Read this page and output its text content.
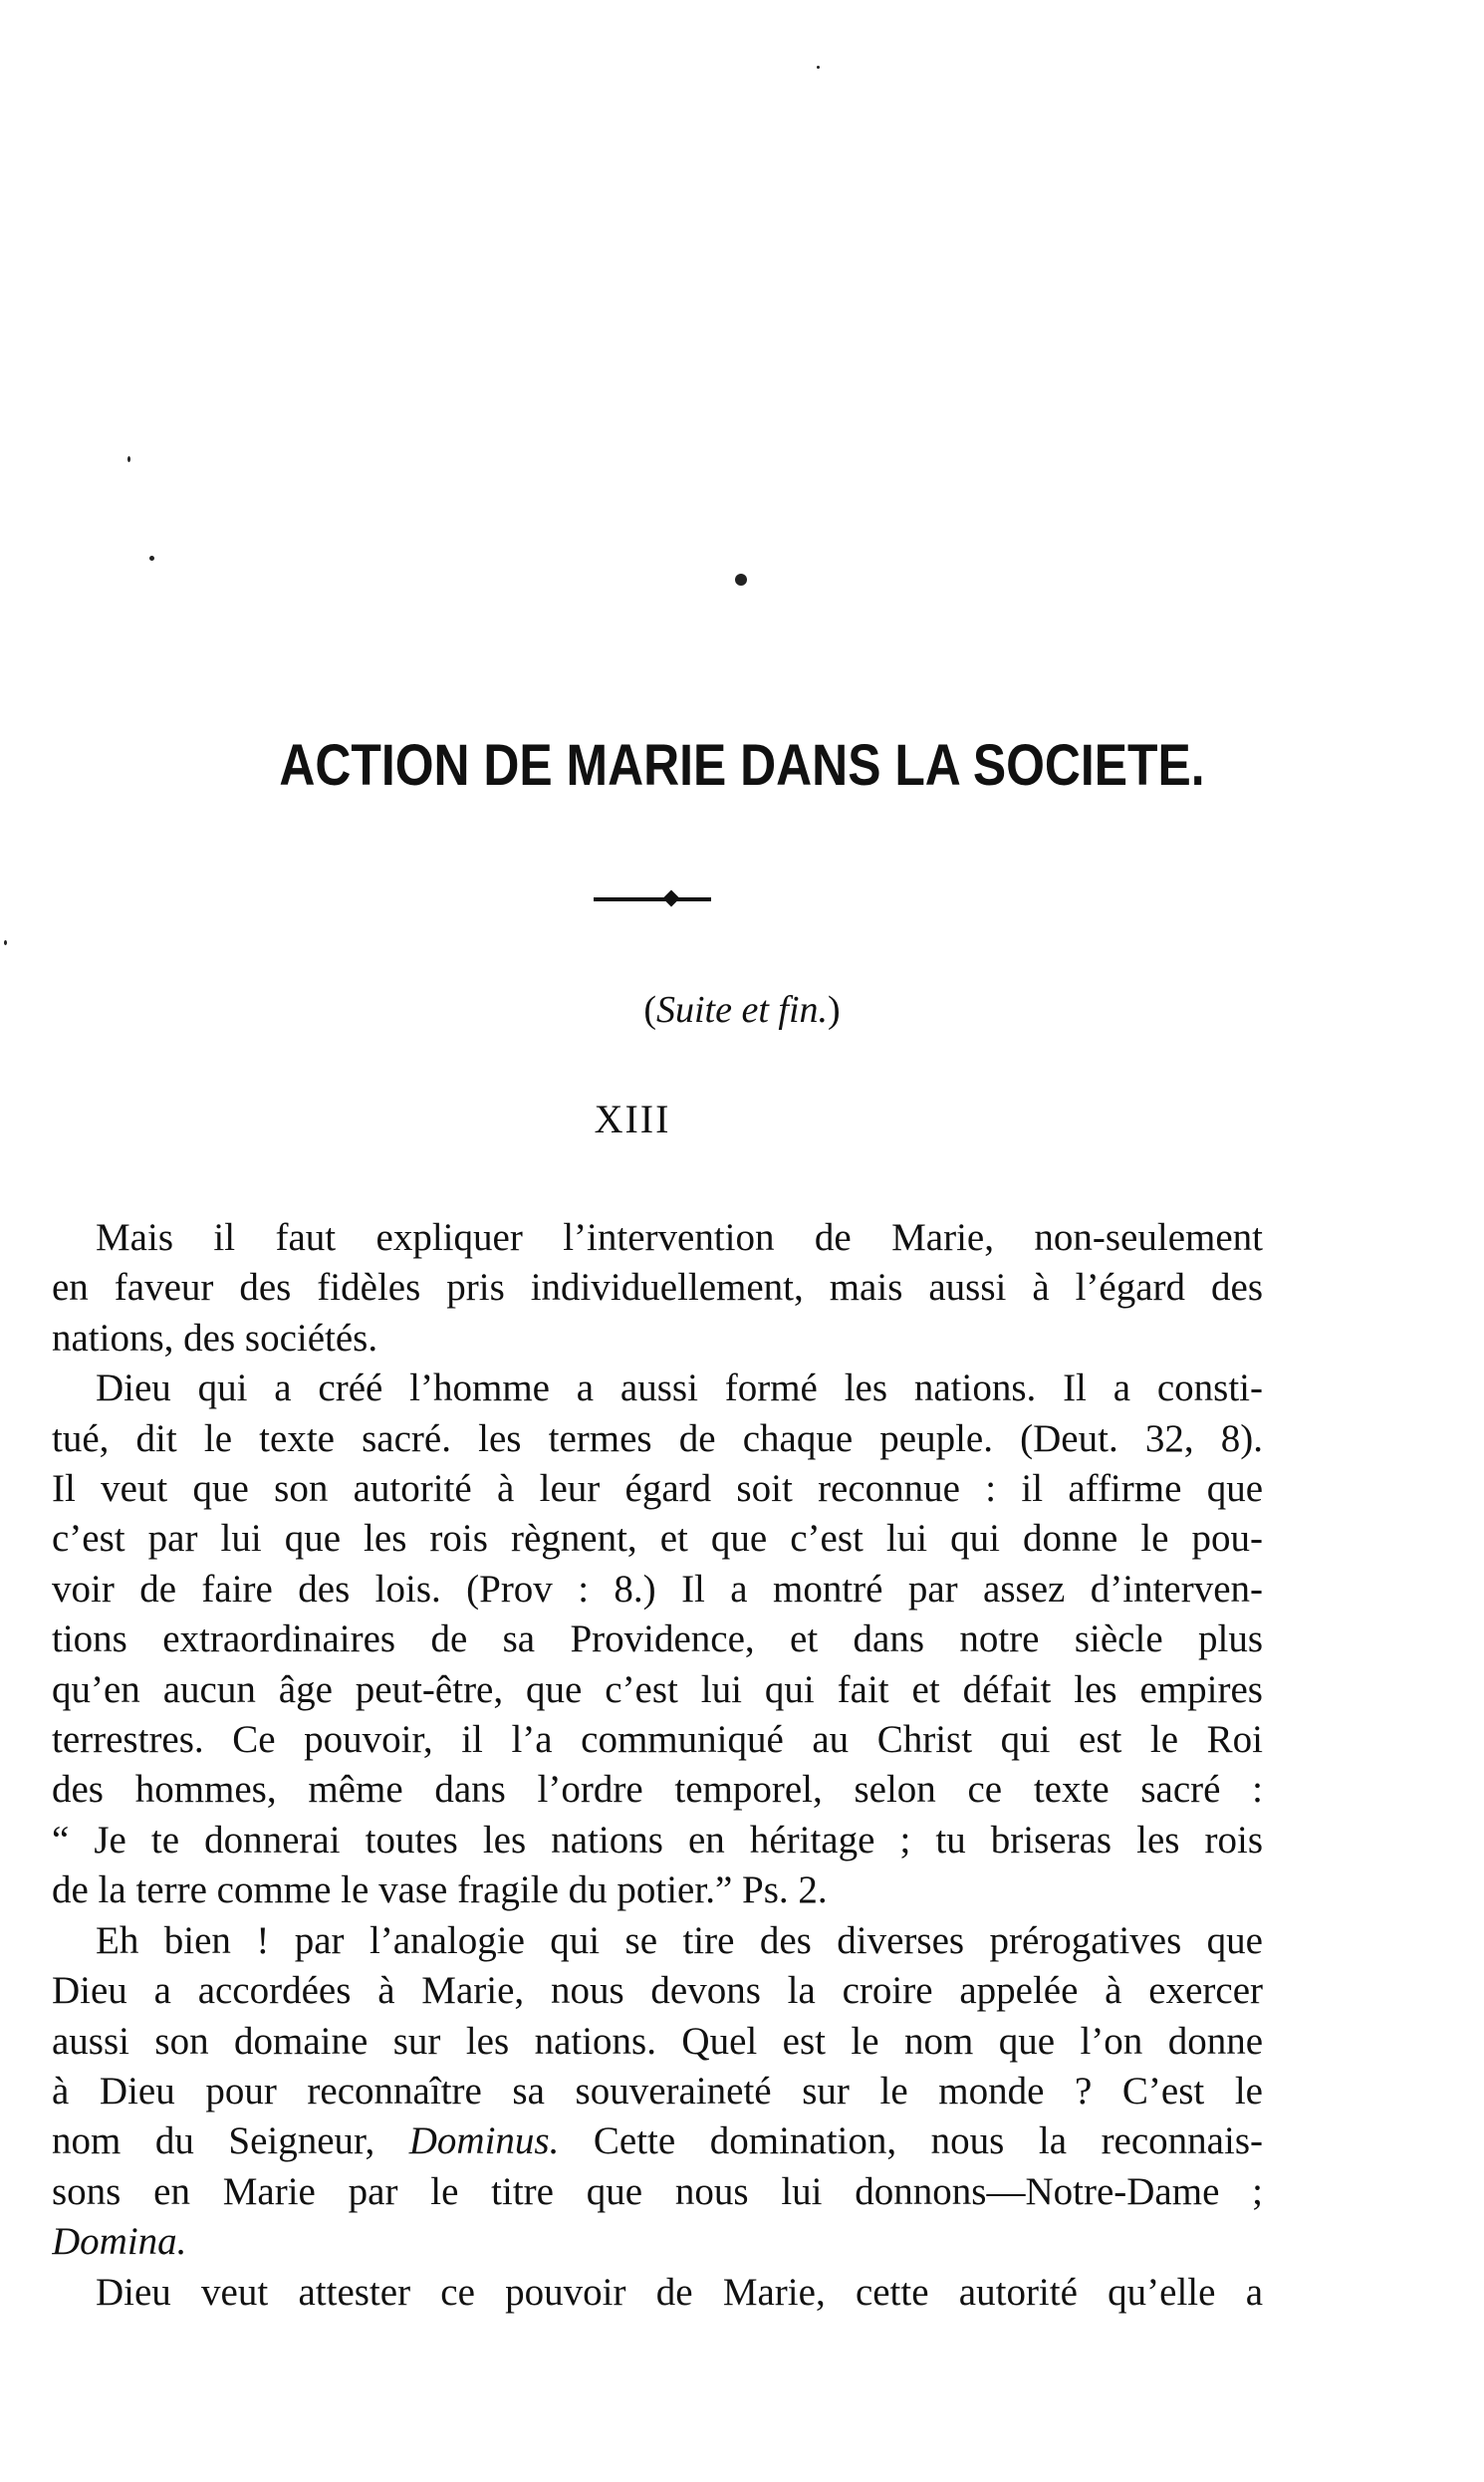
ACTION DE MARIE DANS LA SOCIETE.
(Suite et fin.)
XIII
Mais il faut expliquer l’intervention de Marie, non-seulement
en faveur des fidèles pris individuellement, mais aussi à l’égard des
nations, des sociétés.
Dieu qui a créé l’homme a aussi formé les nations. Il a consti-
tué, dit le texte sacré. les termes de chaque peuple. (Deut. 32, 8).
Il veut que son autorité à leur égard soit reconnue : il affirme que
c’est par lui que les rois règnent, et que c’est lui qui donne le pou-
voir de faire des lois. (Prov : 8.) Il a montré par assez d’interven-
tions extraordinaires de sa Providence, et dans notre siècle plus
qu’en aucun âge peut-être, que c’est lui qui fait et défait les empires
terrestres. Ce pouvoir, il l’a communiqué au Christ qui est le Roi
des hommes, même dans l’ordre temporel, selon ce texte sacré :
“ Je te donnerai toutes les nations en héritage ; tu briseras les rois
de la terre comme le vase fragile du potier.” Ps. 2.
Eh bien ! par l’analogie qui se tire des diverses prérogatives que
Dieu a accordées à Marie, nous devons la croire appelée à exercer
aussi son domaine sur les nations. Quel est le nom que l’on donne
à Dieu pour reconnaître sa souveraineté sur le monde ? C’est le
nom du Seigneur, Dominus. Cette domination, nous la reconnais-
sons en Marie par le titre que nous lui donnons—Notre-Dame ;
Domina.
Dieu veut attester ce pouvoir de Marie, cette autorité qu’elle a
